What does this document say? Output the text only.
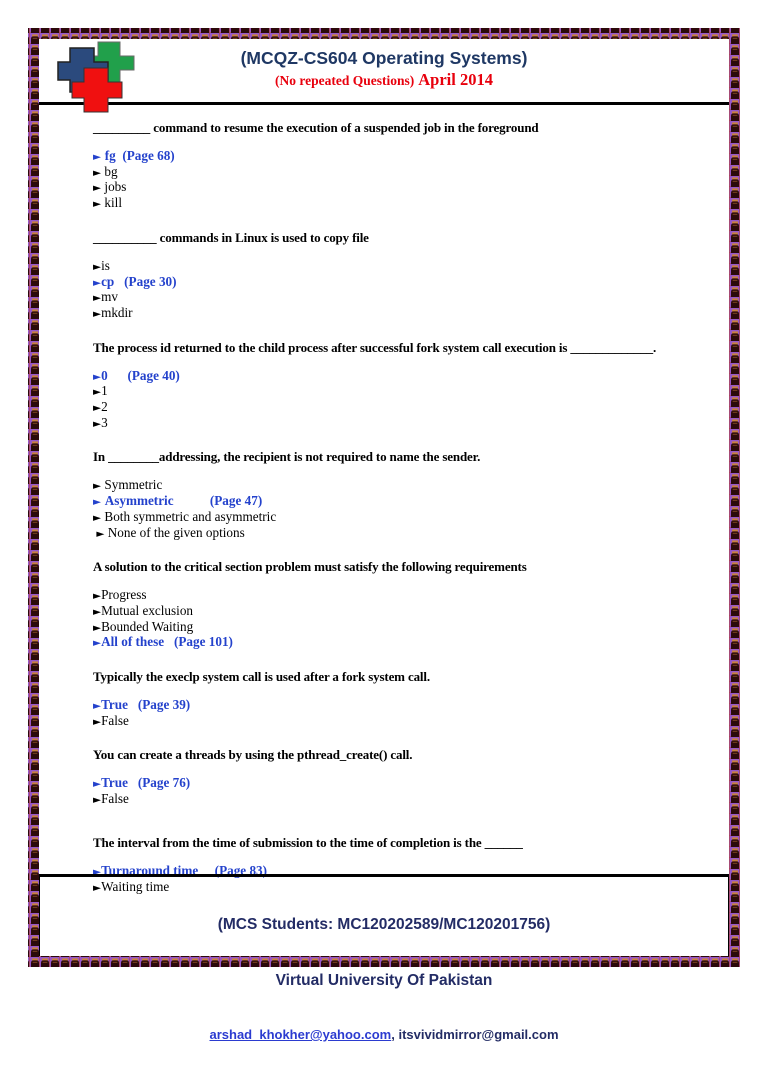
(MCQZ-CS604 Operating Systems)
(No repeated Questions) April 2014

_________ command to resume the execution of a suspended job in the foreground

► fg  (Page 68)
► bg
► jobs
► kill

__________ commands in Linux is used to copy file

►is
►cp   (Page 30)
►mv
►mkdir

The process id returned to the child process after successful fork system call execution is _____________.

►0      (Page 40)
►1
►2
►3

In ________addressing, the recipient is not required to name the sender.

► Symmetric
► Asymmetric           (Page 47)
► Both symmetric and asymmetric
► None of the given options

A solution to the critical section problem must satisfy the following requirements

►Progress
►Mutual exclusion
►Bounded Waiting
►All of these   (Page 101)

Typically the execlp system call is used after a fork system call.

►True   (Page 39)
►False

You can create a threads by using the pthread_create() call.

►True   (Page 76)
►False

The interval from the time of submission to the time of completion is the ______

►Turnaround time     (Page 83)
►Waiting time

(MCS Students: MC120202589/MC120201756)

Virtual University Of Pakistan

arshad_khokher@yahoo.com, itsvividmirror@gmail.com
